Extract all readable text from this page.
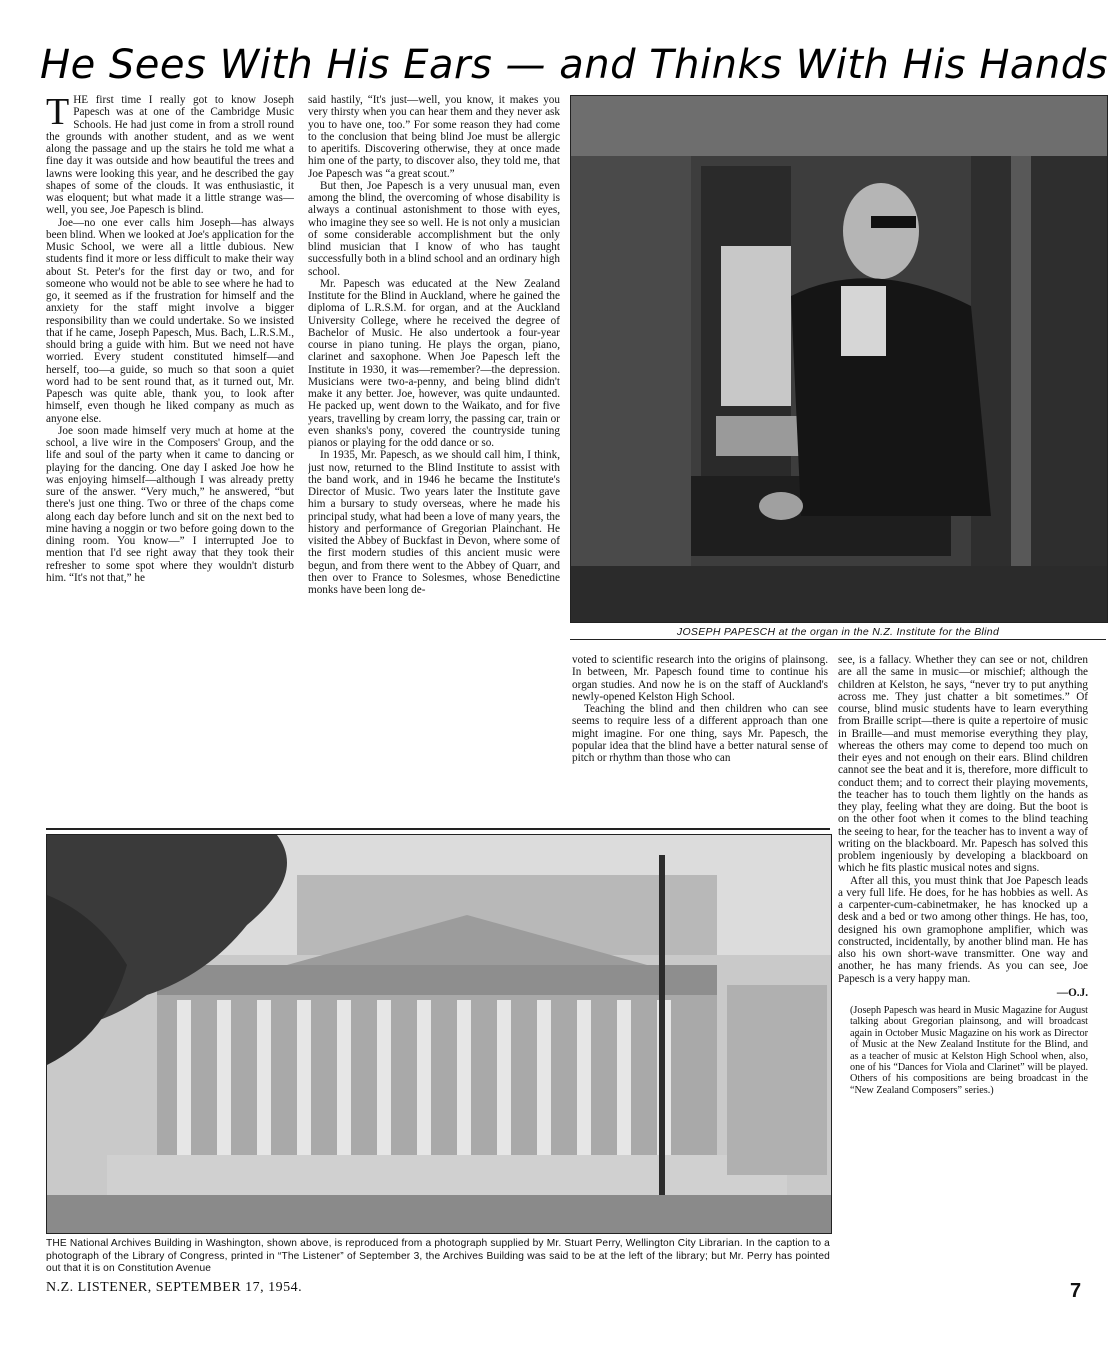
He Sees With His Ears — and Thinks With His Hands
T HE first time I really got to know Joseph Papesch was at one of the Cambridge Music Schools. He had just come in from a stroll round the grounds with another student, and as we went along the passage and up the stairs he told me what a fine day it was outside and how beautiful the trees and lawns were looking this year, and he described the gay shapes of some of the clouds. It was enthusiastic, it was eloquent; but what made it a little strange was—well, you see, Joe Papesch is blind.

Joe—no one ever calls him Joseph—has always been blind. When we looked at Joe's application for the Music School, we were all a little dubious. New students find it more or less difficult to make their way about St. Peter's for the first day or two, and for someone who would not be able to see where he had to go, it seemed as if the frustration for himself and the anxiety for the staff might involve a bigger responsibility than we could undertake. So we insisted that if he came, Joseph Papesch, Mus. Bach, L.R.S.M., should bring a guide with him. But we need not have worried. Every student constituted himself—and herself, too—a guide, so much so that soon a quiet word had to be sent round that, as it turned out, Mr. Papesch was quite able, thank you, to look after himself, even though he liked company as much as anyone else.

Joe soon made himself very much at home at the school, a live wire in the Composers' Group, and the life and soul of the party when it came to dancing or playing for the dancing. One day I asked Joe how he was enjoying himself—although I was already pretty sure of the answer. “Very much,” he answered, “but there's just one thing. Two or three of the chaps come along each day before lunch and sit on the next bed to mine having a noggin or two before going down to the dining room. You know—” I interrupted Joe to mention that I'd see right away that they took their refresher to some spot where they wouldn't disturb him. “It's not that,” he

said hastily, “It's just—well, you know, it makes you very thirsty when you can hear them and they never ask you to have one, too.” For some reason they had come to the conclusion that being blind Joe must be allergic to aperitifs. Discovering otherwise, they at once made him one of the party, to discover also, they told me, that Joe Papesch was “a great scout.”

But then, Joe Papesch is a very unusual man, even among the blind, the overcoming of whose disability is always a continual astonishment to those with eyes, who imagine they see so well. He is not only a musician of some considerable accomplishment but the only blind musician that I know of who has taught successfully both in a blind school and an ordinary high school.

Mr. Papesch was educated at the New Zealand Institute for the Blind in Auckland, where he gained the diploma of L.R.S.M. for organ, and at the Auckland University College, where he received the degree of Bachelor of Music. He also undertook a four-year course in piano tuning. He plays the organ, piano, clarinet and saxophone. When Joe Papesch left the Institute in 1930, it was—remember?—the depression. Musicians were two-a-penny, and being blind didn't make it any better. Joe, however, was quite undaunted. He packed up, went down to the Waikato, and for five years, travelling by cream lorry, the passing car, train or even shanks's pony, covered the countryside tuning pianos or playing for the odd dance or so.

In 1935, Mr. Papesch, as we should call him, I think, just now, returned to the Blind Institute to assist with the band work, and in 1946 he became the Institute's Director of Music. Two years later the Institute gave him a bursary to study overseas, where he made his principal study, what had been a love of many years, the history and performance of Gregorian Plainchant. He visited the Abbey of Buckfast in Devon, where some of the first modern studies of this ancient music were begun, and from there went to the Abbey of Quarr, and then over to France to Solesmes, whose Benedictine monks have been long de-

JOSEPH PAPESCH at the organ in the N.Z. Institute for the Blind

voted to scientific research into the origins of plainsong. In between, Mr. Papesch found time to continue his organ studies. And now he is on the staff of Auckland's newly-opened Kelston High School.

Teaching the blind and then children who can see seems to require less of a different approach than one might imagine. For one thing, says Mr. Papesch, the popular idea that the blind have a better natural sense of pitch or rhythm than those who can

see, is a fallacy. Whether they can see or not, children are all the same in music—or mischief; although the children at Kelston, he says, “never try to put anything across me. They just chatter a bit sometimes.” Of course, blind music students have to learn everything from Braille script—there is quite a repertoire of music in Braille—and must memorise everything they play, whereas the others may come to depend too much on their eyes and not enough on their ears. Blind children cannot see the beat and it is, therefore, more difficult to conduct them; and to correct their playing movements, the teacher has to touch them lightly on the hands as they play, feeling what they are doing. But the boot is on the other foot when it comes to the blind teaching the seeing to hear, for the teacher has to invent a way of writing on the blackboard. Mr. Papesch has solved this problem ingeniously by developing a blackboard on which he fits plastic musical notes and signs.

After all this, you must think that Joe Papesch leads a very full life. He does, for he has hobbies as well. As a carpenter-cum-cabinetmaker, he has knocked up a desk and a bed or two among other things. He has, too, designed his own gramophone amplifier, which was constructed, incidentally, by another blind man. He has also his own short-wave transmitter. One way and another, he has many friends. As you can see, Joe Papesch is a very happy man.

—O.J.
(Joseph Papesch was heard in Music Magazine for August talking about Gregorian plainsong, and will broadcast again in October Music Magazine on his work as Director of Music at the New Zealand Institute for the Blind, and as a teacher of music at Kelston High School when, also, one of his “Dances for Viola and Clarinet” will be played. Others of his compositions are being broadcast in the “New Zealand Composers” series.)
THE National Archives Building in Washington, shown above, is reproduced from a photograph supplied by Mr. Stuart Perry, Wellington City Librarian. In the caption to a photograph of the Library of Congress, printed in “The Listener” of September 3, the Archives Building was said to be at the left of the library; but Mr. Perry has pointed out that it is on Constitution Avenue
N.Z. LISTENER, SEPTEMBER 17, 1954.	7
